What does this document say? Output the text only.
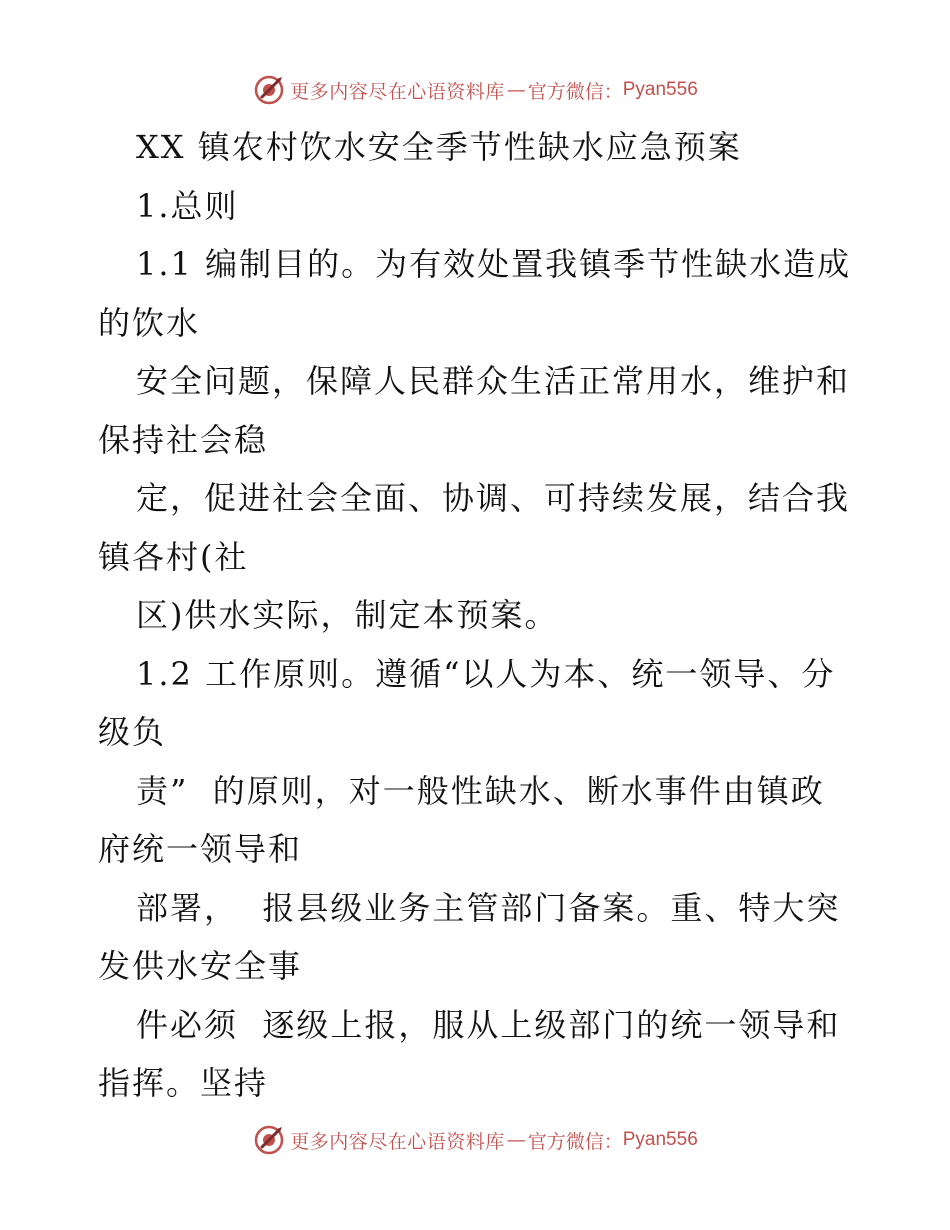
更多内容尽在心语资料库 — 官方微信： Pyan556
XX 镇农村饮水安全季节性缺水应急预案
1.总则
1.1 编制目的。为有效处置我镇季节性缺水造成
的饮水
安全问题，保障人民群众生活正常用水，维护和
保持社会稳
定，促进社会全面、协调、可持续发展，结合我
镇各村(社
区)供水实际，制定本预案。
1.2 工作原则。遵循“以人为本、统一领导、分
级负
责”  的原则，对一般性缺水、断水事件由镇政
府统一领导和
部署，  报县级业务主管部门备案。重、特大突
发供水安全事
件必须  逐级上报，服从上级部门的统一领导和
指挥。坚持
更多内容尽在心语资料库 — 官方微信： Pyan556
